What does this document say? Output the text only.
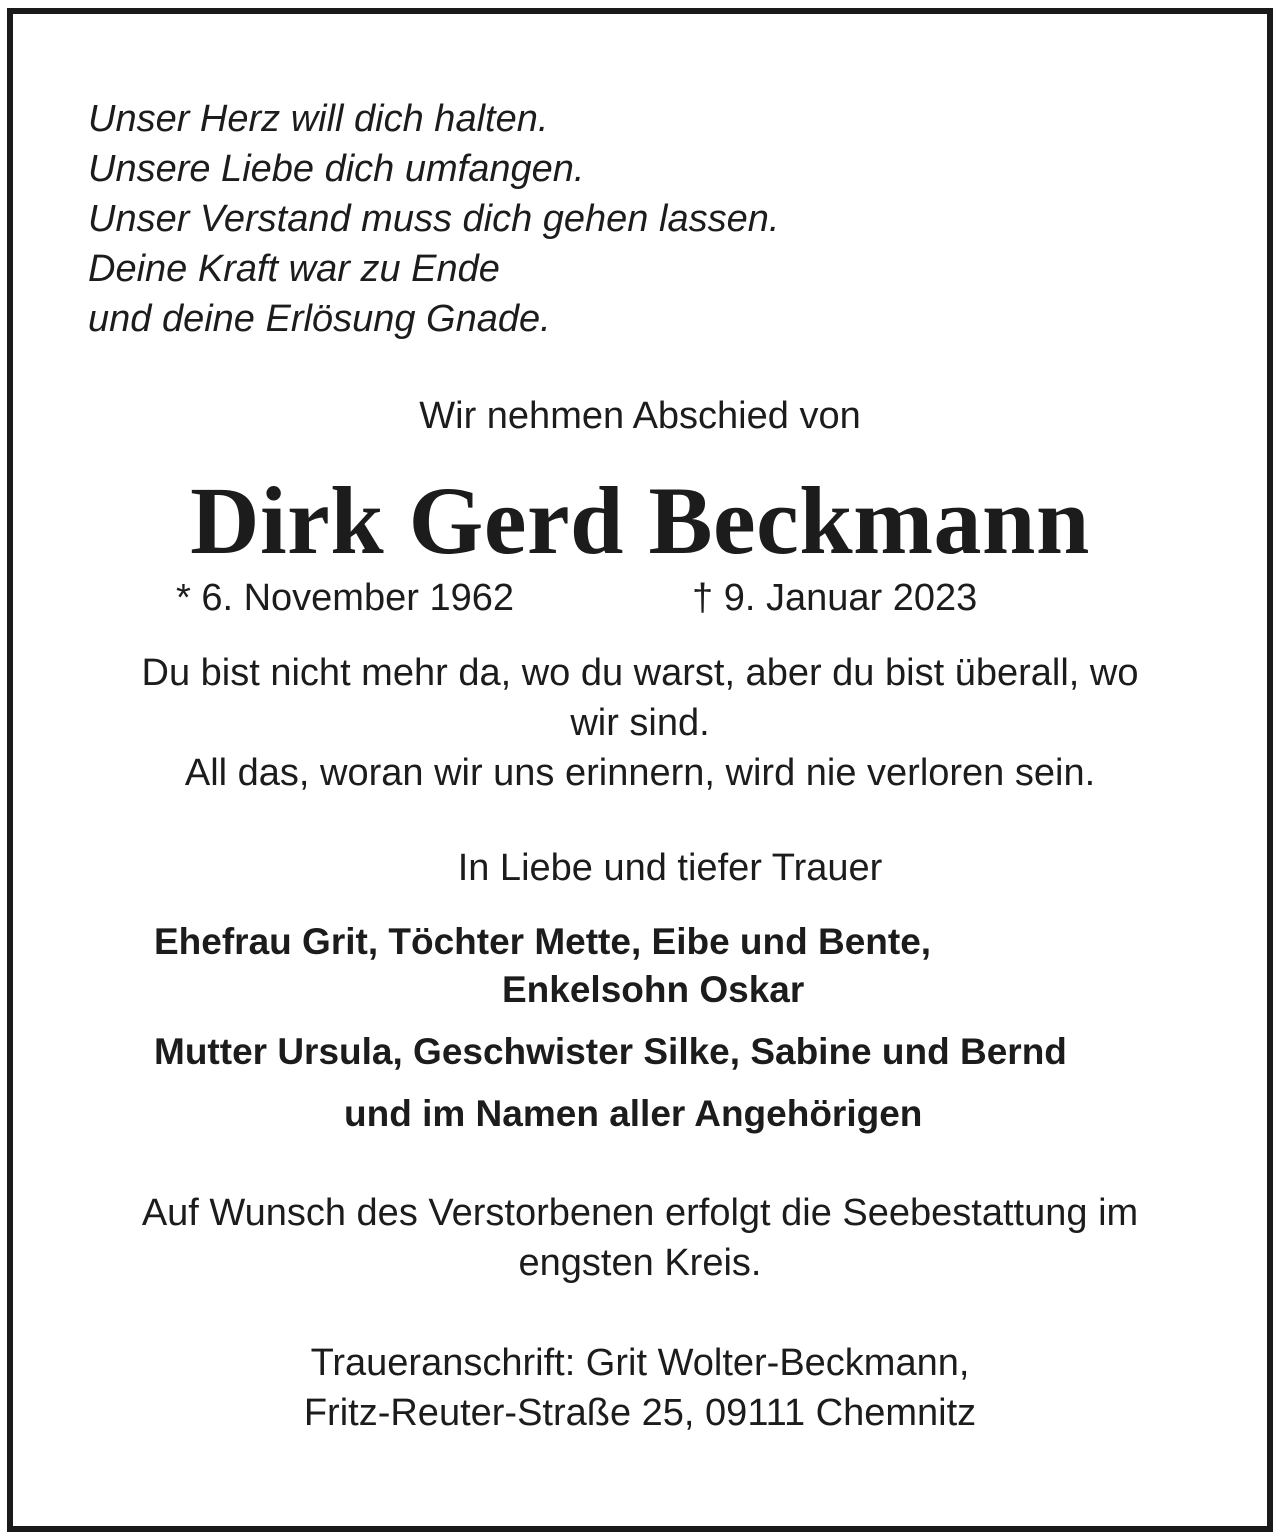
Unser Herz will dich halten.
Unsere Liebe dich umfangen.
Unser Verstand muss dich gehen lassen.
Deine Kraft war zu Ende
und deine Erlösung Gnade.
Wir nehmen Abschied von
Dirk Gerd Beckmann
* 6. November 1962	† 9. Januar 2023
Du bist nicht mehr da, wo du warst, aber du bist überall, wo
wir sind.
All das, woran wir uns erinnern, wird nie verloren sein.
In Liebe und tiefer Trauer
Ehefrau Grit, Töchter Mette, Eibe und Bente,
Enkelsohn Oskar
Mutter Ursula, Geschwister Silke, Sabine und Bernd
und im Namen aller Angehörigen
Auf Wunsch des Verstorbenen erfolgt die Seebestattung im
engsten Kreis.
Traueranschrift: Grit Wolter-Beckmann,
Fritz-Reuter-Straße 25, 09111 Chemnitz
